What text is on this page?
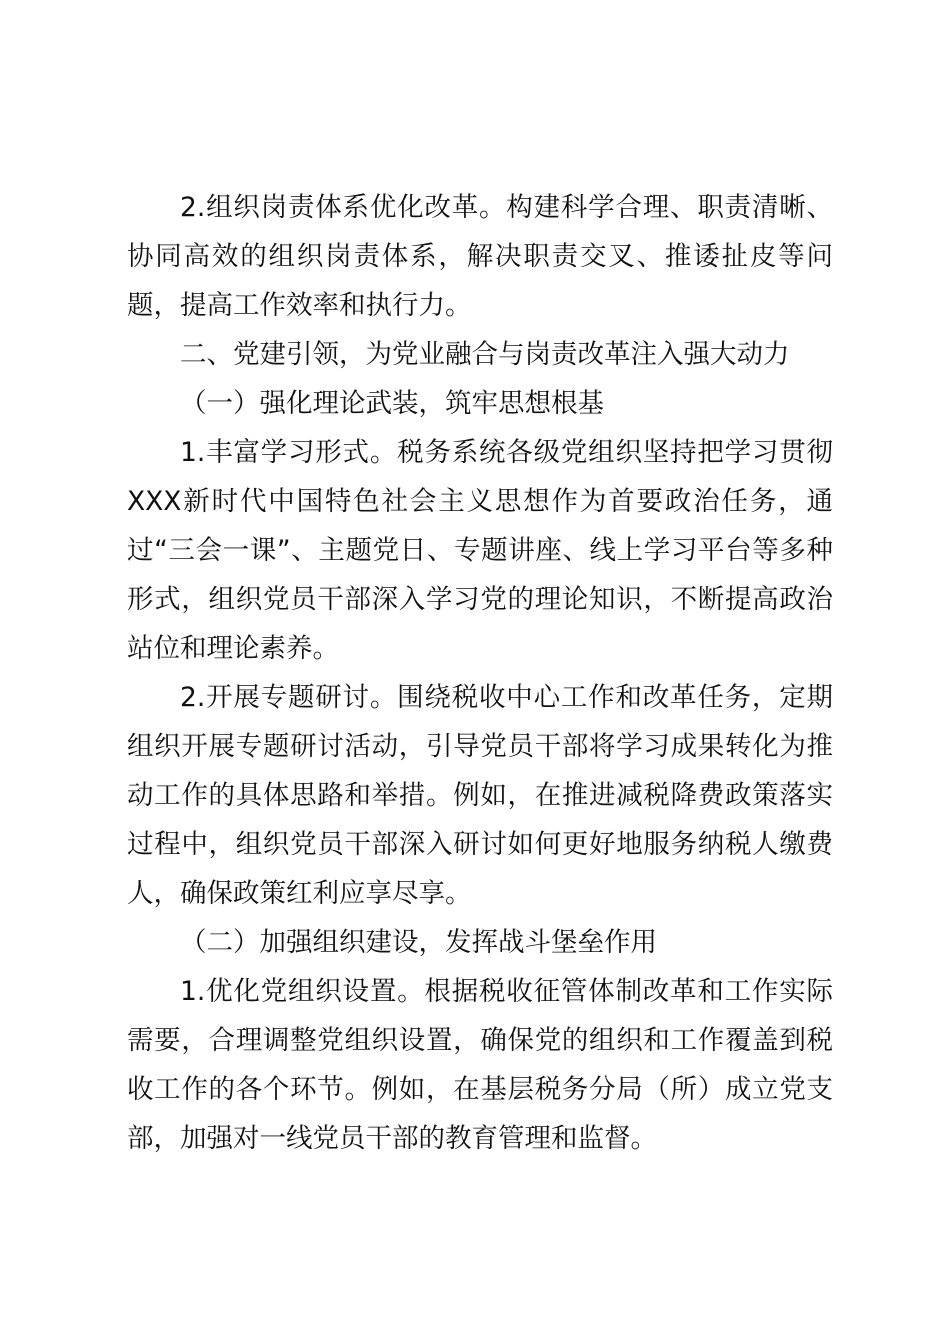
2.组织岗责体系优化改革。构建科学合理、职责清晰、协同高效的组织岗责体系，解决职责交叉、推诿扯皮等问题，提高工作效率和执行力。

二、党建引领，为党业融合与岗责改革注入强大动力

（一）强化理论武装，筑牢思想根基

1.丰富学习形式。税务系统各级党组织坚持把学习贯彻XXX新时代中国特色社会主义思想作为首要政治任务，通过“三会一课”、主题党日、专题讲座、线上学习平台等多种形式，组织党员干部深入学习党的理论知识，不断提高政治站位和理论素养。

2.开展专题研讨。围绕税收中心工作和改革任务，定期组织开展专题研讨活动，引导党员干部将学习成果转化为推动工作的具体思路和举措。例如，在推进减税降费政策落实过程中，组织党员干部深入研讨如何更好地服务纳税人缴费人，确保政策红利应享尽享。

（二）加强组织建设，发挥战斗堡垒作用

1.优化党组织设置。根据税收征管体制改革和工作实际需要，合理调整党组织设置，确保党的组织和工作覆盖到税收工作的各个环节。例如，在基层税务分局（所）成立党支部，加强对一线党员干部的教育管理和监督。
